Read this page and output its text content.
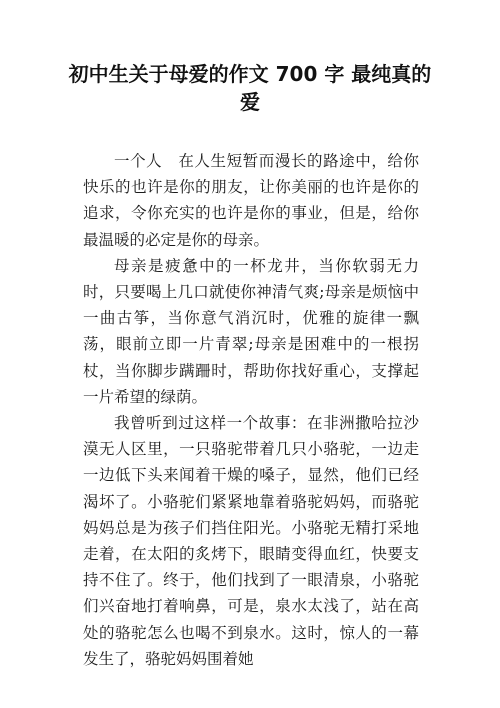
初中生关于母爱的作文 700 字 最纯真的爱

一个人　在人生短暂而漫长的路途中，给你快乐的也许是你的朋友，让你美丽的也许是你的追求，令你充实的也许是你的事业，但是，给你最温暖的必定是你的母亲。

母亲是疲惫中的一杯龙井，当你软弱无力时，只要喝上几口就使你神清气爽;母亲是烦恼中一曲古筝，当你意气消沉时，优雅的旋律一飘荡，眼前立即一片青翠;母亲是困难中的一根拐杖，当你脚步蹒跚时，帮助你找好重心，支撑起一片希望的绿荫。

我曾听到过这样一个故事：在非洲撒哈拉沙漠无人区里，一只骆驼带着几只小骆驼，一边走一边低下头来闻着干燥的嗓子，显然，他们已经渴坏了。小骆驼们紧紧地靠着骆驼妈妈，而骆驼妈妈总是为孩子们挡住阳光。小骆驼无精打采地走着，在太阳的炙烤下，眼睛变得血红，快要支持不住了。终于，他们找到了一眼清泉，小骆驼们兴奋地打着响鼻，可是，泉水太浅了，站在高处的骆驼怎么也喝不到泉水。这时，惊人的一幕发生了，骆驼妈妈围着她
